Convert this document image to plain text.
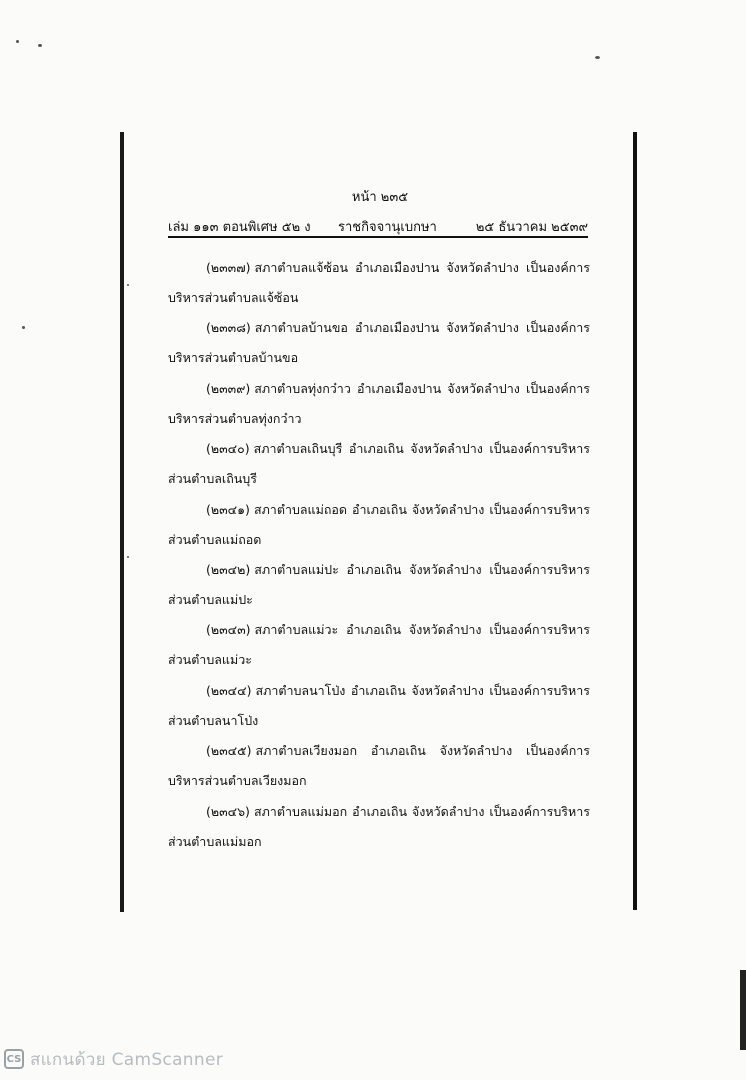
หน้า ๒๓๕
เล่ม ๑๑๓ ตอนพิเศษ ๕๒ ง ราชกิจจานุเบกษา	๒๕ ธันวาคม ๒๕๓๙
(๒๓๓๗) สภาตำบลแจ้ซ้อน อำเภอเมืองปาน จังหวัดลำปาง เป็นองค์การ
บริหารส่วนตำบลแจ้ซ้อน
(๒๓๓๘) สภาตำบลบ้านขอ อำเภอเมืองปาน จังหวัดลำปาง เป็นองค์การ
บริหารส่วนตำบลบ้านขอ
(๒๓๓๙) สภาตำบลทุ่งกว๋าว อำเภอเมืองปาน จังหวัดลำปาง เป็นองค์การ
บริหารส่วนตำบลทุ่งกว๋าว
(๒๓๔๐) สภาตำบลเถินบุรี อำเภอเถิน จังหวัดลำปาง เป็นองค์การบริหาร
ส่วนตำบลเถินบุรี
(๒๓๔๑) สภาตำบลแม่ถอด อำเภอเถิน จังหวัดลำปาง เป็นองค์การบริหาร
ส่วนตำบลแม่ถอด
(๒๓๔๒) สภาตำบลแม่ปะ อำเภอเถิน จังหวัดลำปาง เป็นองค์การบริหาร
ส่วนตำบลแม่ปะ
(๒๓๔๓) สภาตำบลแม่วะ อำเภอเถิน จังหวัดลำปาง เป็นองค์การบริหาร
ส่วนตำบลแม่วะ
(๒๓๔๔) สภาตำบลนาโป่ง อำเภอเถิน จังหวัดลำปาง เป็นองค์การบริหาร
ส่วนตำบลนาโป่ง
(๒๓๔๕) สภาตำบลเวียงมอก อำเภอเถิน จังหวัดลำปาง เป็นองค์การ
บริหารส่วนตำบลเวียงมอก
(๒๓๔๖) สภาตำบลแม่มอก อำเภอเถิน จังหวัดลำปาง เป็นองค์การบริหาร
ส่วนตำบลแม่มอก
CS สแกนด้วย CamScanner
